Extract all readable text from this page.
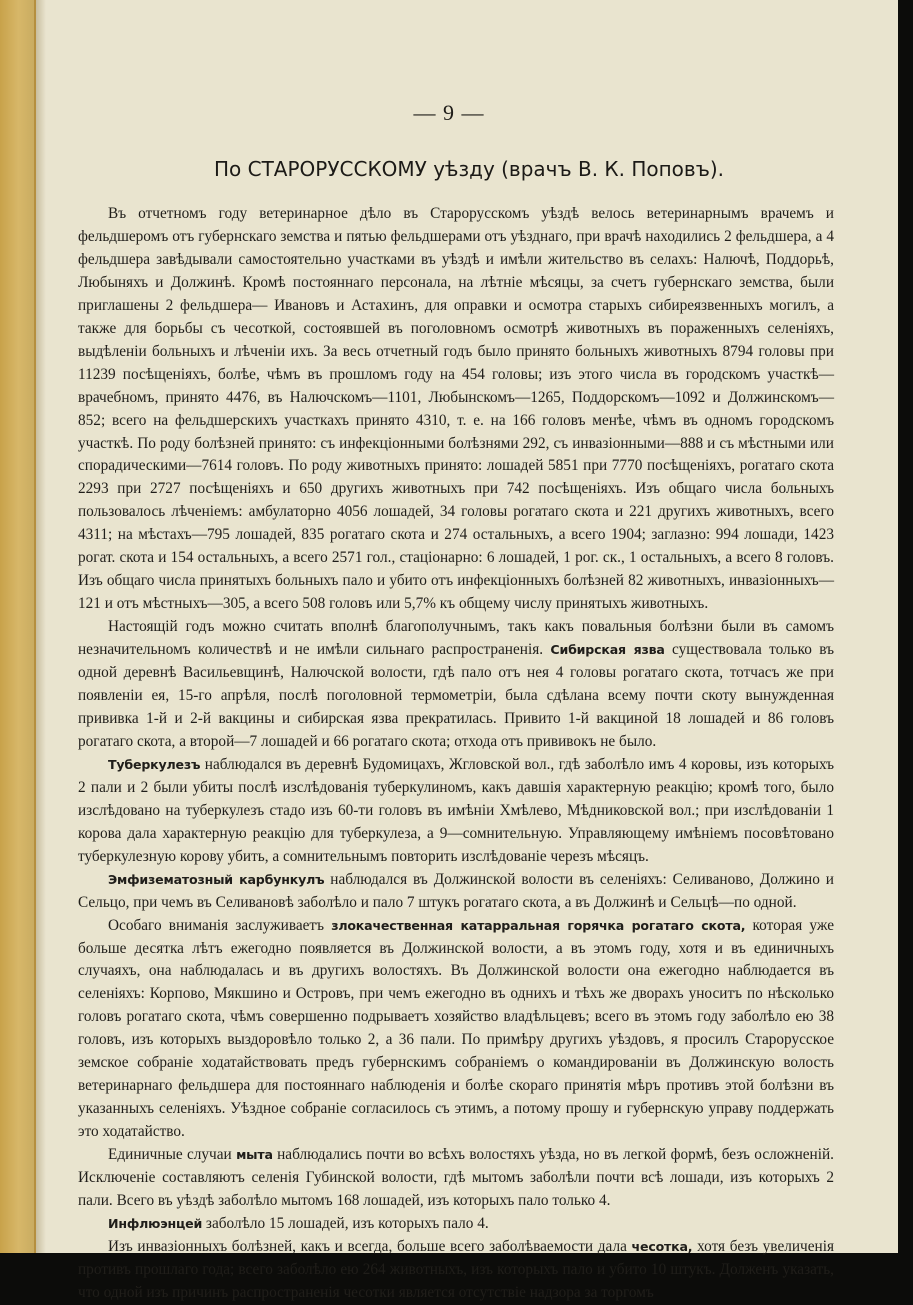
— 9 —
По СТАРОРУССКОМУ уѣзду (врачъ В. К. Поповъ).

Въ отчетномъ году ветеринарное дѣло въ Старорусскомъ уѣздѣ велось ветеринарнымъ врачемъ и фельдшеромъ отъ губернскаго земства и пятью фельдшерами отъ уѣзднаго, при врачѣ находились 2 фельдшера, а 4 фельдшера завѣдывали самостоятельно участками въ уѣздѣ и имѣли жительство въ селахъ: Налючѣ, Поддорьѣ, Любыняхъ и Должинѣ. Кромѣ постояннаго персонала, на лѣтніе мѣсяцы, за счетъ губернскаго земства, были приглашены 2 фельдшера— Ивановъ и Астахинъ, для оправки и осмотра старыхъ сибиреязвенныхъ могилъ, а также для борьбы съ чесоткой, состоявшей въ поголовномъ осмотрѣ животныхъ въ пораженныхъ селеніяхъ, выдѣленіи больныхъ и лѣченіи ихъ. За весь отчетный годъ было принято больныхъ животныхъ 8794 головы при 11239 посѣщеніяхъ, болѣе, чѣмъ въ прошломъ году на 454 головы; изъ этого числа въ городскомъ участкѣ—врачебномъ, принято 4476, въ Налючскомъ—1101, Любынскомъ—1265, Поддорскомъ—1092 и Должинскомъ—852; всего на фельдшерскихъ участкахъ принято 4310, т. е. на 166 головъ менѣе, чѣмъ въ одномъ городскомъ участкѣ. По роду болѣзней принято: съ инфекціонными болѣзнями 292, съ инвазіонными—888 и съ мѣстными или спорадическими—7614 головъ. По роду животныхъ принято: лошадей 5851 при 7770 посѣщеніяхъ, рогатаго скота 2293 при 2727 посѣщеніяхъ и 650 другихъ животныхъ при 742 посѣщеніяхъ. Изъ общаго числа больныхъ пользовалось лѣченіемъ: амбулаторно 4056 лошадей, 34 головы рогатаго скота и 221 другихъ животныхъ, всего 4311; на мѣстахъ—795 лошадей, 835 рогатаго скота и 274 остальныхъ, а всего 1904; заглазно: 994 лошади, 1423 рогат. скота и 154 остальныхъ, а всего 2571 гол., стаціонарно: 6 лошадей, 1 рог. ск., 1 остальныхъ, а всего 8 головъ. Изъ общаго числа принятыхъ больныхъ пало и убито отъ инфекціонныхъ болѣзней 82 животныхъ, инвазіонныхъ—121 и отъ мѣстныхъ—305, а всего 508 головъ или 5,7% къ общему числу принятыхъ животныхъ.

Настоящій годъ можно считать вполнѣ благополучнымъ, такъ какъ повальныя болѣзни были въ самомъ незначительномъ количествѣ и не имѣли сильнаго распространенія. Сибирская язва существовала только въ одной деревнѣ Васильевщинѣ, Налючской волости, гдѣ пало отъ нея 4 головы рогатаго скота, тотчасъ же при появленіи ея, 15-го апрѣля, послѣ поголовной термометріи, была сдѣлана всему почти скоту вынужденная прививка 1-й и 2-й вакцины и сибирская язва прекратилась. Привито 1-й вакциной 18 лошадей и 86 головъ рогатаго скота, а второй—7 лошадей и 66 рогатаго скота; отхода отъ прививокъ не было.

Туберкулезъ наблюдался въ деревнѣ Будомицахъ, Жгловской вол., гдѣ заболѣло имъ 4 коровы, изъ которыхъ 2 пали и 2 были убиты послѣ изслѣдованія туберкулиномъ, какъ давшія характерную реакцію; кромѣ того, было изслѣдовано на туберкулезъ стадо изъ 60-ти головъ въ имѣніи Хмѣлево, Мѣдниковской вол.; при изслѣдованіи 1 корова дала характерную реакцію для туберкулеза, а 9—сомнительную. Управляющему имѣніемъ посовѣтовано туберкулезную корову убить, а сомнительнымъ повторить изслѣдованіе черезъ мѣсяцъ.

Эмфизематозный карбункулъ наблюдался въ Должинской волости въ селеніяхъ: Селиваново, Должино и Сельцо, при чемъ въ Селивановѣ заболѣло и пало 7 штукъ рогатаго скота, а въ Должинѣ и Сельцѣ—по одной.

Особаго вниманія заслуживаетъ злокачественная катарральная горячка рогатаго скота, которая уже больше десятка лѣтъ ежегодно появляется въ Должинской волости, а въ этомъ году, хотя и въ единичныхъ случаяхъ, она наблюдалась и въ другихъ волостяхъ. Въ Должинской волости она ежегодно наблюдается въ селеніяхъ: Корпово, Мякшино и Островъ, при чемъ ежегодно въ однихъ и тѣхъ же дворахъ уноситъ по нѣсколько головъ рогатаго скота, чѣмъ совершенно подрываетъ хозяйство владѣльцевъ; всего въ этомъ году заболѣло ею 38 головъ, изъ которыхъ выздоровѣло только 2, а 36 пали. По примѣру другихъ уѣздовъ, я просилъ Старорусское земское собраніе ходатайствовать предъ губернскимъ собраніемъ о командированіи въ Должинскую волость ветеринарнаго фельдшера для постояннаго наблюденія и болѣе скораго принятія мѣръ противъ этой болѣзни въ указанныхъ селеніяхъ. Уѣздное собраніе согласилось съ этимъ, а потому прошу и губернскую управу поддержать это ходатайство.

Единичные случаи мыта наблюдались почти во всѣхъ волостяхъ уѣзда, но въ легкой формѣ, безъ осложненій. Исключеніе составляютъ селенія Губинской волости, гдѣ мытомъ заболѣли почти всѣ лошади, изъ которыхъ 2 пали. Всего въ уѣздѣ заболѣло мытомъ 168 лошадей, изъ которыхъ пало только 4.

Инфлюэнцей заболѣло 15 лошадей, изъ которыхъ пало 4.

Изъ инвазіонныхъ болѣзней, какъ и всегда, больше всего заболѣваемости дала чесотка, хотя безъ увеличенія противъ прошлаго года; всего заболѣло ею 264 животныхъ, изъ которыхъ пало и убито 10 штукъ. Долженъ указать, что одной изъ причинъ распространенія чесотки является отсутствіе надзора за торгомъ
